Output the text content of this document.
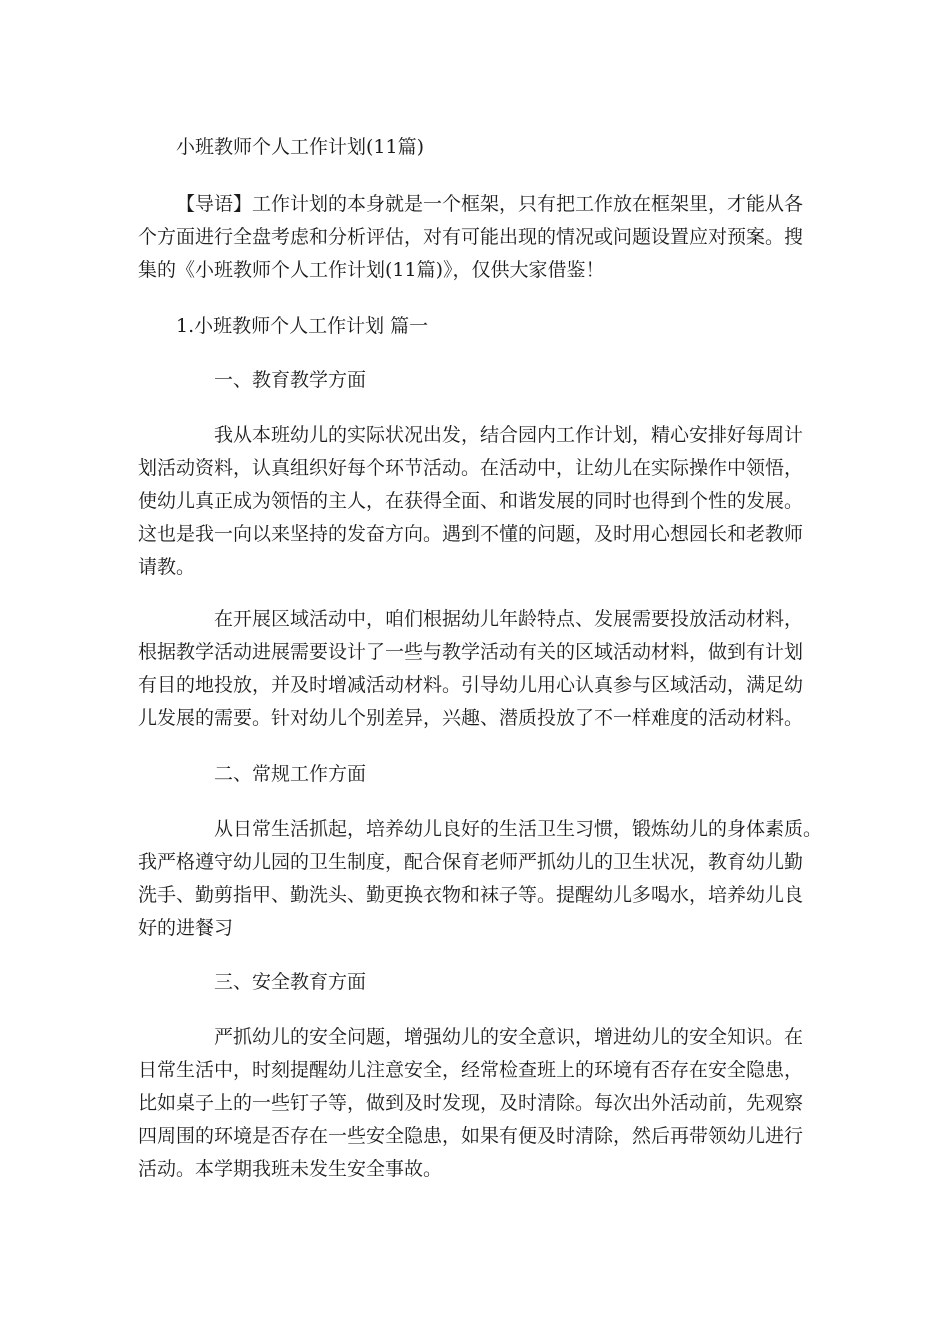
小班教师个人工作计划(11篇)

【导语】工作计划的本身就是一个框架，只有把工作放在框架里，才能从各

个方面进行全盘考虑和分析评估，对有可能出现的情况或问题设置应对预案。搜

集的《小班教师个人工作计划(11篇)》，仅供大家借鉴！

1.小班教师个人工作计划 篇一

一、教育教学方面

我从本班幼儿的实际状况出发，结合园内工作计划，精心安排好每周计

划活动资料，认真组织好每个环节活动。在活动中，让幼儿在实际操作中领悟，

使幼儿真正成为领悟的主人，在获得全面、和谐发展的同时也得到个性的发展。

这也是我一向以来坚持的发奋方向。遇到不懂的问题，及时用心想园长和老教师

请教。

在开展区域活动中，咱们根据幼儿年龄特点、发展需要投放活动材料，

根据教学活动进展需要设计了一些与教学活动有关的区域活动材料，做到有计划

有目的地投放，并及时增减活动材料。引导幼儿用心认真参与区域活动，满足幼

儿发展的需要。针对幼儿个别差异，兴趣、潜质投放了不一样难度的活动材料。

二、常规工作方面

从日常生活抓起，培养幼儿良好的生活卫生习惯，锻炼幼儿的身体素质。

我严格遵守幼儿园的卫生制度，配合保育老师严抓幼儿的卫生状况，教育幼儿勤

洗手、勤剪指甲、勤洗头、勤更换衣物和袜子等。提醒幼儿多喝水，培养幼儿良

好的进餐习

三、安全教育方面

严抓幼儿的安全问题，增强幼儿的安全意识，增进幼儿的安全知识。在

日常生活中，时刻提醒幼儿注意安全，经常检查班上的环境有否存在安全隐患，

比如桌子上的一些钉子等，做到及时发现，及时清除。每次出外活动前，先观察

四周围的环境是否存在一些安全隐患，如果有便及时清除，然后再带领幼儿进行

活动。本学期我班未发生安全事故。
